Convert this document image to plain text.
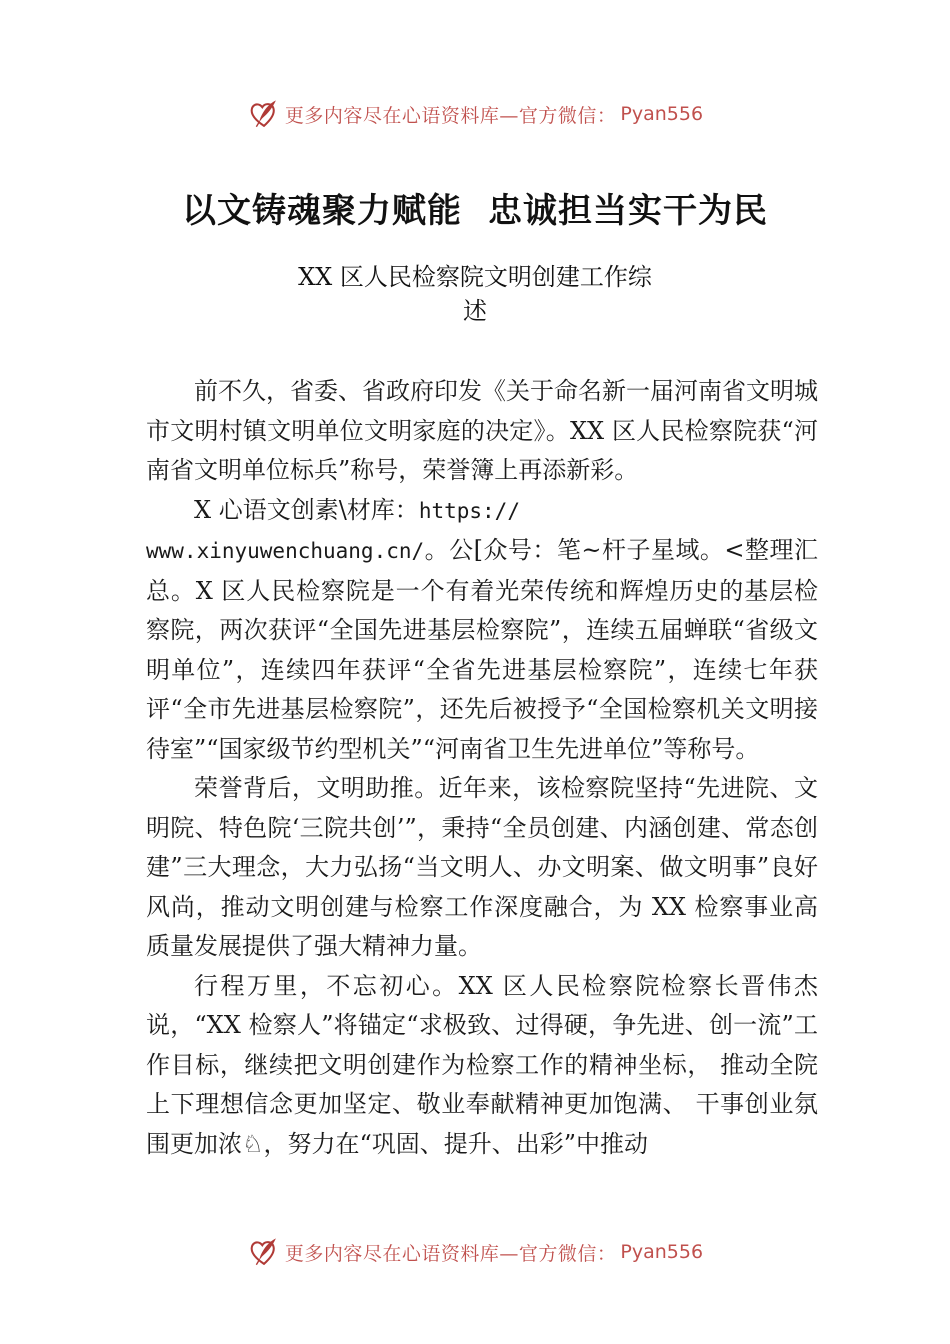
更多内容尽在心语资料库—官方微信： Pyan556
以文铸魂聚力赋能 忠诚担当实干为民
XX 区人民检察院文明创建工作综
述

前不久，省委、省政府印发《关于命名新一届河南省文明城市文明村镇文明单位文明家庭的决定》。XX 区人民检察院获“河南省文明单位标兵”称号，荣誉簿上再添新彩。

X 心语文创素\材库：https://
www.xinyuwenchuang.cn/。公[众号：笔~杆子星域。<整理汇总。X 区人民检察院是一个有着光荣传统和辉煌历史的基层检察院，两次获评“全国先进基层检察院”，连续五届蝉联“省级文明单位”，连续四年获评“全省先进基层检察院”，连续七年获评“全市先进基层检察院”，还先后被授予“全国检察机关文明接待室”“国家级节约型机关”“河南省卫生先进单位”等称号。

荣誉背后，文明助推。近年来，该检察院坚持“先进院、文明院、特色院‘三院共创’”，秉持“全员创建、内涵创建、常态创建”三大理念，大力弘扬“当文明人、办文明案、做文明事”良好风尚，推动文明创建与检察工作深度融合，为 XX 检察事业高质量发展提供了强大精神力量。

行程万里，不忘初心。XX 区人民检察院检察长晋伟杰说，“XX 检察人”将锚定“求极致、过得硬，争先进、创一流”工作目标，继续把文明创建作为检察工作的精神坐标， 推动全院上下理想信念更加坚定、敬业奉献精神更加饱满、 干事创业氛围更加浓♘，努力在“巩固、提升、出彩”中推动

更多内容尽在心语资料库—官方微信： Pyan556
